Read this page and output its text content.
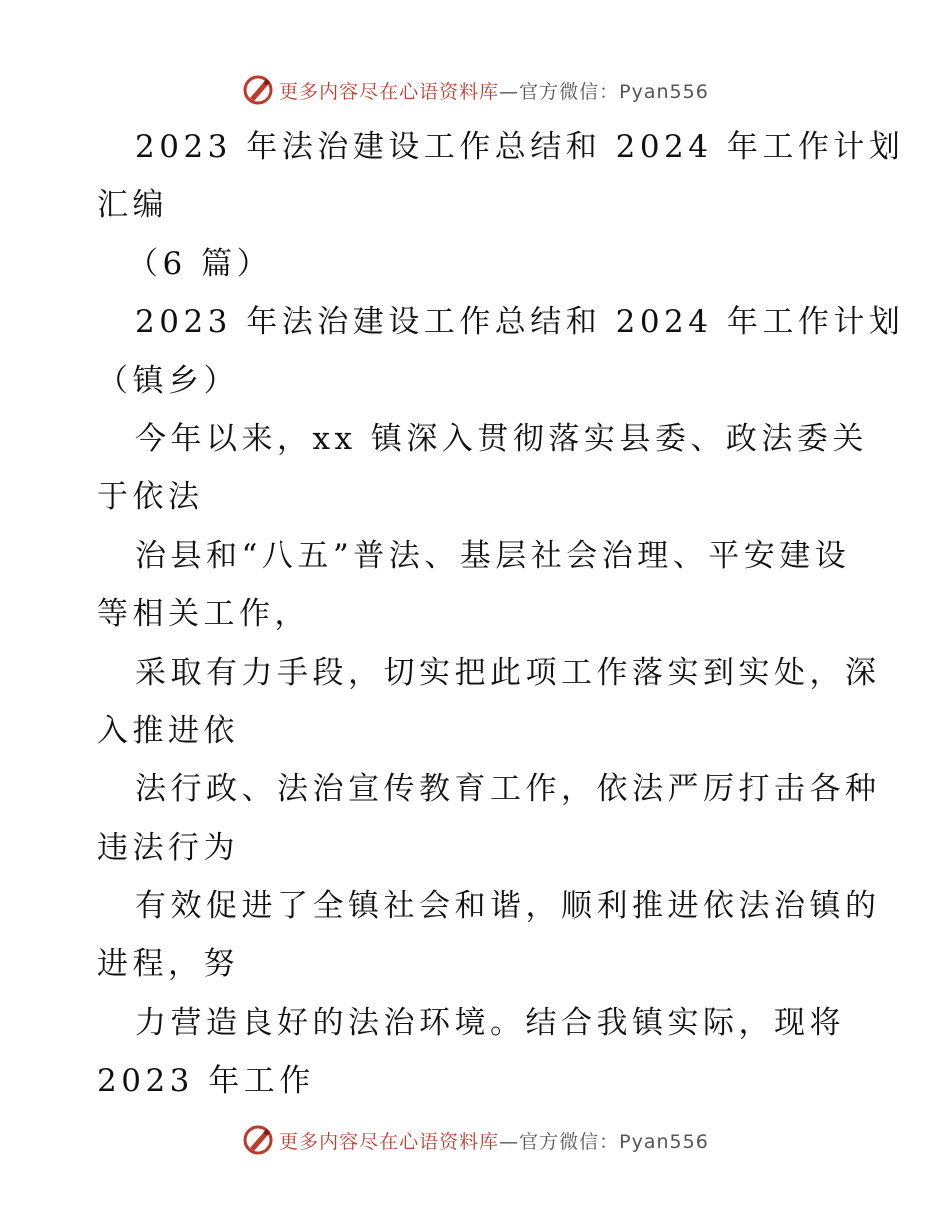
更多内容尽在心语资料库—官方微信：Pyan556
2023 年法治建设工作总结和 2024 年工作计划
汇编
（6 篇）
2023 年法治建设工作总结和 2024 年工作计划
（镇乡）
今年以来，xx 镇深入贯彻落实县委、政法委关
于依法
治县和“八五”普法、基层社会治理、平安建设
等相关工作，
采取有力手段，切实把此项工作落实到实处，深
入推进依
法行政、法治宣传教育工作，依法严厉打击各种
违法行为
有效促进了全镇社会和谐，顺利推进依法治镇的
进程，努
力营造良好的法治环境。结合我镇实际，现将
2023 年工作
更多内容尽在心语资料库—官方微信：Pyan556
